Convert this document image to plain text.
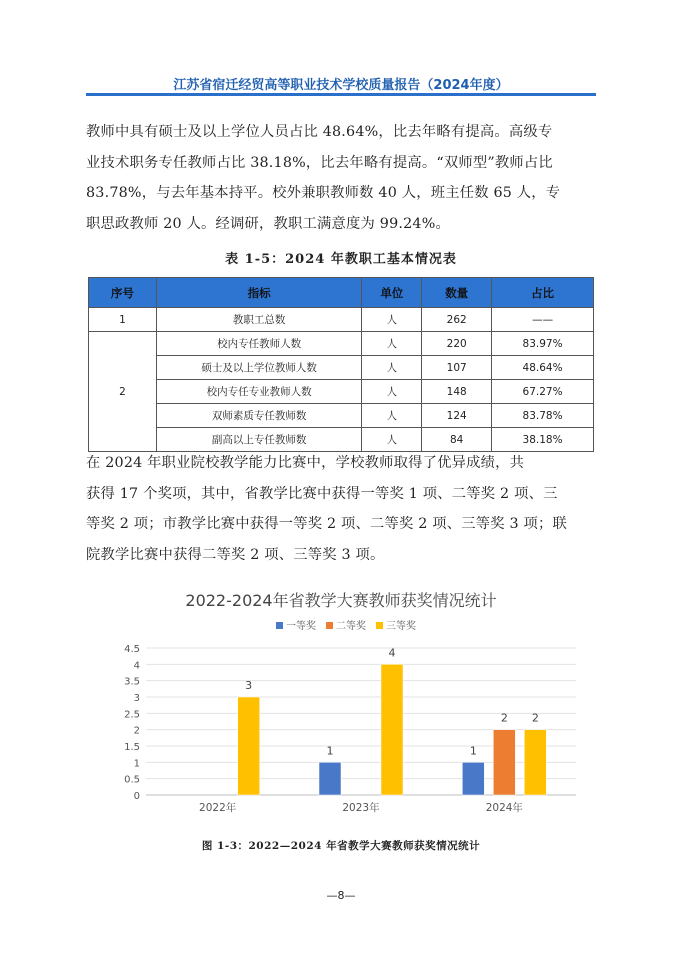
江苏省宿迁经贸高等职业技术学校质量报告（2024年度）

教师中具有硕士及以上学位人员占比 48.64%，比去年略有提高。高级专
业技术职务专任教师占比 38.18%，比去年略有提高。“双师型”教师占比
83.78%，与去年基本持平。校外兼职教师数 40 人，班主任数 65 人，专
职思政教师 20 人。经调研，教职工满意度为 99.24%。

表 1-5：2024 年教职工基本情况表
序号	指标	单位	数量	占比
1	教职工总数	人	262	——
2	校内专任教师人数	人	220	83.97%
	硕士及以上学位教师人数	人	107	48.64%
	校内专任专业教师人数	人	148	67.27%
	双师素质专任教师数	人	124	83.78%
	副高以上专任教师数	人	84	38.18%

在 2024 年职业院校教学能力比赛中，学校教师取得了优异成绩，共
获得 17 个奖项，其中，省教学比赛中获得一等奖 1 项、二等奖 2 项、三
等奖 2 项；市教学比赛中获得一等奖 2 项、二等奖 2 项、三等奖 3 项；联
院教学比赛中获得二等奖 2 项、三等奖 3 项。

2022-2024年省教学大赛教师获奖情况统计
一等奖 二等奖 三等奖
0
0.5
1
1.5
2
2.5
3
3.5
4
4.5
3
2022年
1
4
2023年
1
2 2
2024年
图 1-3：2022—2024 年省教学大赛教师获奖情况统计
—8—
